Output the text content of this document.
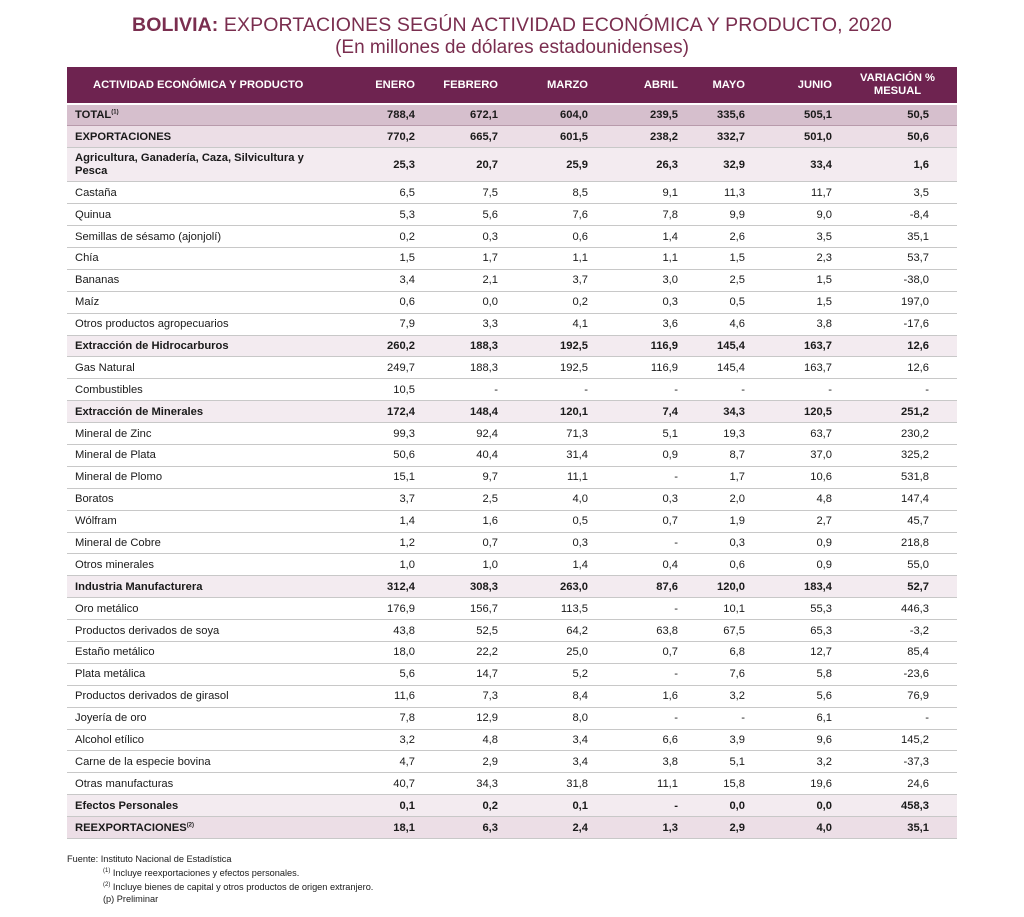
BOLIVIA: EXPORTACIONES SEGÚN ACTIVIDAD ECONÓMICA Y PRODUCTO, 2020
(En millones de dólares estadounidenses)
ACTIVIDAD ECONÓMICA Y PRODUCTO	ENERO	FEBRERO	MARZO	ABRIL	MAYO	JUNIO	VARIACIÓN % MESUAL
TOTAL$^{(1)}$	788,4	672,1	604,0	239,5	335,6	505,1	50,5
EXPORTACIONES	770,2	665,7	601,5	238,2	332,7	501,0	50,6
Agricultura, Ganadería, Caza, Silvicultura y Pesca	25,3	20,7	25,9	26,3	32,9	33,4	1,6
Castaña	6,5	7,5	8,5	9,1	11,3	11,7	3,5
Quinua	5,3	5,6	7,6	7,8	9,9	9,0	-8,4
Semillas de sésamo (ajonjolí)	0,2	0,3	0,6	1,4	2,6	3,5	35,1
Chía	1,5	1,7	1,1	1,1	1,5	2,3	53,7
Bananas	3,4	2,1	3,7	3,0	2,5	1,5	-38,0
Maíz	0,6	0,0	0,2	0,3	0,5	1,5	197,0
Otros productos agropecuarios	7,9	3,3	4,1	3,6	4,6	3,8	-17,6
Extracción de Hidrocarburos	260,2	188,3	192,5	116,9	145,4	163,7	12,6
Gas Natural	249,7	188,3	192,5	116,9	145,4	163,7	12,6
Combustibles	10,5	-	-	-	-	-	-
Extracción de Minerales	172,4	148,4	120,1	7,4	34,3	120,5	251,2
Mineral de Zinc	99,3	92,4	71,3	5,1	19,3	63,7	230,2
Mineral de Plata	50,6	40,4	31,4	0,9	8,7	37,0	325,2
Mineral de Plomo	15,1	9,7	11,1	-	1,7	10,6	531,8
Boratos	3,7	2,5	4,0	0,3	2,0	4,8	147,4
Wólfram	1,4	1,6	0,5	0,7	1,9	2,7	45,7
Mineral de Cobre	1,2	0,7	0,3	-	0,3	0,9	218,8
Otros minerales	1,0	1,0	1,4	0,4	0,6	0,9	55,0
Industria Manufacturera	312,4	308,3	263,0	87,6	120,0	183,4	52,7
Oro metálico	176,9	156,7	113,5	-	10,1	55,3	446,3
Productos derivados de soya	43,8	52,5	64,2	63,8	67,5	65,3	-3,2
Estaño metálico	18,0	22,2	25,0	0,7	6,8	12,7	85,4
Plata metálica	5,6	14,7	5,2	-	7,6	5,8	-23,6
Productos derivados de girasol	11,6	7,3	8,4	1,6	3,2	5,6	76,9
Joyería de oro	7,8	12,9	8,0	-	-	6,1	-
Alcohol etílico	3,2	4,8	3,4	6,6	3,9	9,6	145,2
Carne de la especie bovina	4,7	2,9	3,4	3,8	5,1	3,2	-37,3
Otras manufacturas	40,7	34,3	31,8	11,1	15,8	19,6	24,6
Efectos Personales	0,1	0,2	0,1	-	0,0	0,0	458,3
REEXPORTACIONES$^{(2)}$	18,1	6,3	2,4	1,3	2,9	4,0	35,1
Fuente: Instituto Nacional de Estadística
$^{(1)}$ Incluye reexportaciones y efectos personales.
$^{(2)}$ Incluye bienes de capital y otros productos de origen extranjero.
(p) Preliminar
